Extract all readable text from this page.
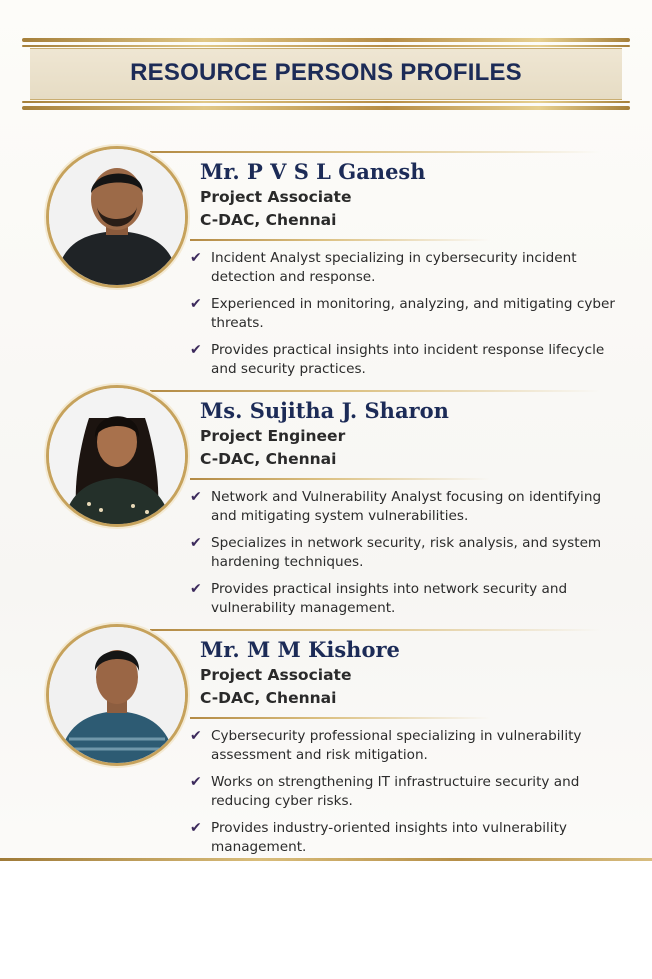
RESOURCE PERSONS PROFILES
Mr. P V S L Ganesh
Project Associate
C-DAC, Chennai
✔ Incident Analyst specializing in cybersecurity incident detection and response.
✔ Experienced in monitoring, analyzing, and mitigating cyber threats.
✔ Provides practical insights into incident response lifecycle and security practices.
Ms. Sujitha J. Sharon
Project Engineer
C-DAC, Chennai
✔ Network and Vulnerability Analyst focusing on identifying and mitigating system vulnerabilities.
✔ Specializes in network security, risk analysis, and system hardening techniques.
✔ Provides practical insights into network security and vulnerability management.
Mr. M M Kishore
Project Associate
C-DAC, Chennai
✔ Cybersecurity professional specializing in vulnerability assessment and risk mitigation.
✔ Works on strengthening IT infrastructuire security and reducing cyber risks.
✔ Provides industry-oriented insights into vulnerability management.
